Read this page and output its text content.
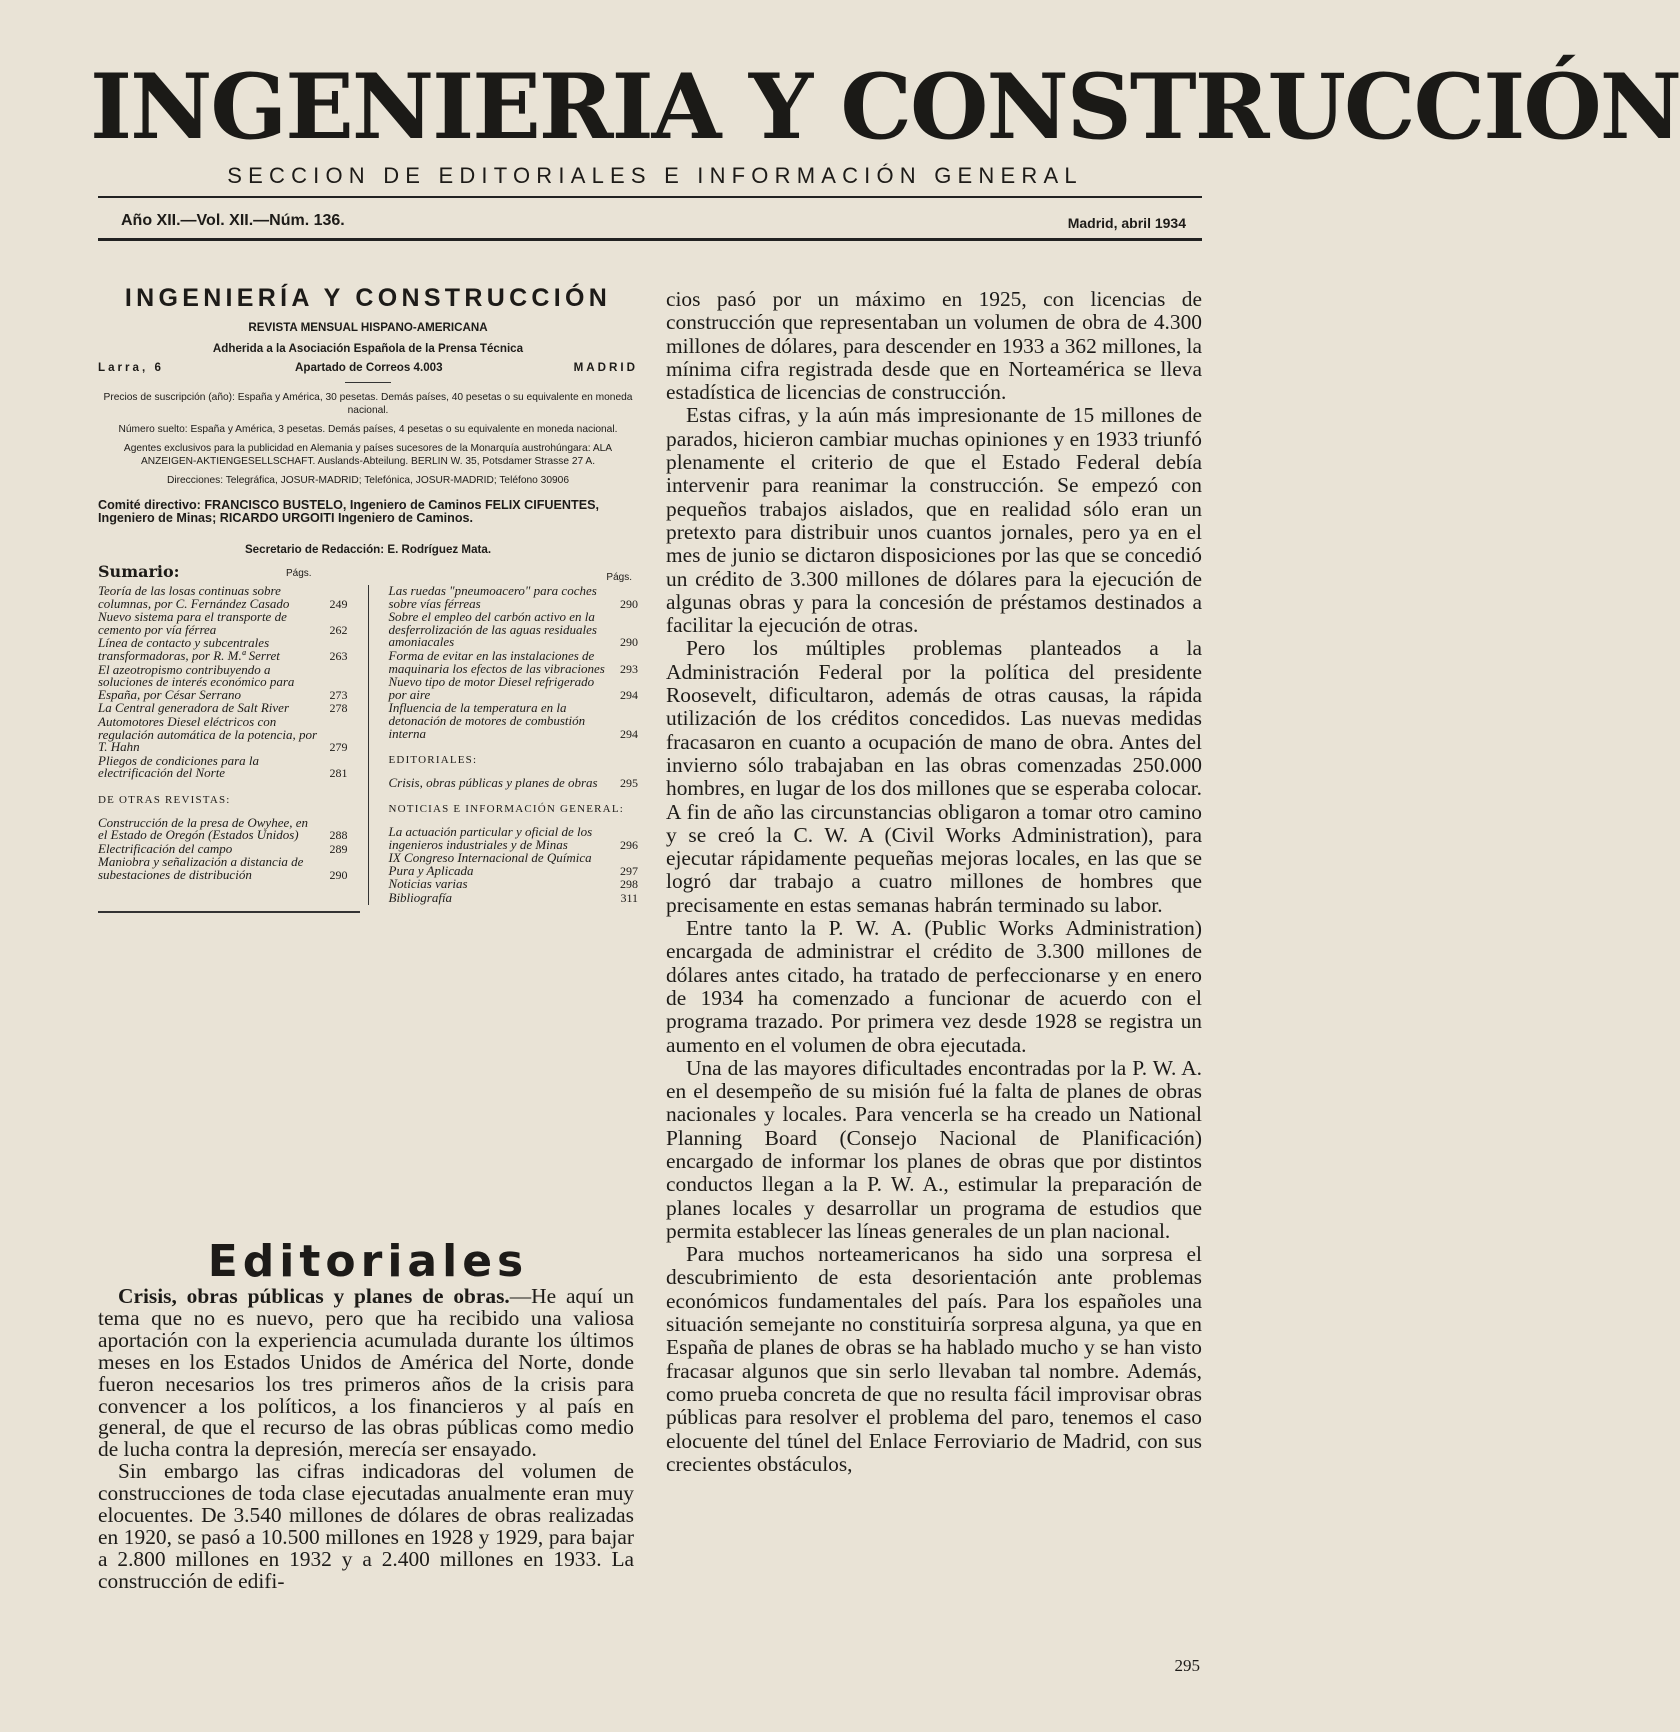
INGENIERIA Y CONSTRUCCIÓN
SECCION DE EDITORIALES E INFORMACIÓN GENERAL
Año XII.—Vol. XII.—Núm. 136.	Madrid, abril 1934
INGENIERÍA Y CONSTRUCCIÓN
REVISTA MENSUAL HISPANO-AMERICANA
Adherida a la Asociación Española de la Prensa Técnica
Larra, 6	Apartado de Correos 4.003	MADRID
Precios de suscripción (año): España y América, 30 pesetas. Demás países, 40 pesetas o su equivalente en moneda nacional.
Número suelto: España y América, 3 pesetas. Demás países, 4 pesetas o su equivalente en moneda nacional.
Agentes exclusivos para la publicidad en Alemania y países sucesores de la Monarquía austrohúngara: ALA ANZEIGEN-AKTIENGESELLSCHAFT. Auslands-Abteilung. BERLIN W. 35, Potsdamer Strasse 27 A.
Direcciones: Telegráfica, JOSUR-MADRID; Telefónica, JOSUR-MADRID; Teléfono 30906
Comité directivo: FRANCISCO BUSTELO, Ingeniero de Caminos FELIX CIFUENTES, Ingeniero de Minas; RICARDO URGOITI Ingeniero de Caminos.
Secretario de Redacción: E. Rodríguez Mata.
Sumario:	Págs.	Págs.
Teoría de las losas continuas sobre columnas, por C. Fernández Casado	249
Nuevo sistema para el transporte de cemento por vía férrea	262
Línea de contacto y subcentrales transformadoras, por R. M.ª Serret	263
El azeotropismo contribuyendo a soluciones de interés económico para España, por César Serrano	273
La Central generadora de Salt River	278
Automotores Diesel eléctricos con regulación automática de la potencia, por T. Hahn	279
Pliegos de condiciones para la electrificación del Norte	281
DE OTRAS REVISTAS:
Construcción de la presa de Owyhee, en el Estado de Oregón (Estados Unidos)	288
Electrificación del campo	289
Maniobra y señalización a distancia de subestaciones de distribución	290
Las ruedas "pneumoacero" para coches sobre vías férreas	290
Sobre el empleo del carbón activo en la desferrolización de las aguas residuales amoniacales	290
Forma de evitar en las instalaciones de maquinaria los efectos de las vibraciones 293
Nuevo tipo de motor Diesel refrigerado por aire	294
Influencia de la temperatura en la detonación de motores de combustión interna	294
EDITORIALES:
Crisis, obras públicas y planes de obras 295
NOTICIAS E INFORMACIÓN GENERAL:
La actuación particular y oficial de los ingenieros industriales y de Minas	296
IX Congreso Internacional de Química Pura y Aplicada	297
Noticias varias	298
Bibliografía	311
Editoriales

Crisis, obras públicas y planes de obras.—He aquí un tema que no es nuevo, pero que ha recibido una valiosa aportación con la experiencia acumulada durante los últimos meses en los Estados Unidos de América del Norte, donde fueron necesarios los tres primeros años de la crisis para convencer a los políticos, a los financieros y al país en general, de que el recurso de las obras públicas como medio de lucha contra la depresión, merecía ser ensayado.

Sin embargo las cifras indicadoras del volumen de construcciones de toda clase ejecutadas anualmente eran muy elocuentes. De 3.540 millones de dólares de obras realizadas en 1920, se pasó a 10.500 millones en 1928 y 1929, para bajar a 2.800 millones en 1932 y a 2.400 millones en 1933. La construcción de edifi-

cios pasó por un máximo en 1925, con licencias de construcción que representaban un volumen de obra de 4.300 millones de dólares, para descender en 1933 a 362 millones, la mínima cifra registrada desde que en Norteamérica se lleva estadística de licencias de construcción.

Estas cifras, y la aún más impresionante de 15 millones de parados, hicieron cambiar muchas opiniones y en 1933 triunfó plenamente el criterio de que el Estado Federal debía intervenir para reanimar la construcción. Se empezó con pequeños trabajos aislados, que en realidad sólo eran un pretexto para distribuir unos cuantos jornales, pero ya en el mes de junio se dictaron disposiciones por las que se concedió un crédito de 3.300 millones de dólares para la ejecución de algunas obras y para la concesión de préstamos destinados a facilitar la ejecución de otras.

Pero los múltiples problemas planteados a la Administración Federal por la política del presidente Roosevelt, dificultaron, además de otras causas, la rápida utilización de los créditos concedidos. Las nuevas medidas fracasaron en cuanto a ocupación de mano de obra. Antes del invierno sólo trabajaban en las obras comenzadas 250.000 hombres, en lugar de los dos millones que se esperaba colocar. A fin de año las circunstancias obligaron a tomar otro camino y se creó la C. W. A (Civil Works Administration), para ejecutar rápidamente pequeñas mejoras locales, en las que se logró dar trabajo a cuatro millones de hombres que precisamente en estas semanas habrán terminado su labor.

Entre tanto la P. W. A. (Public Works Administration) encargada de administrar el crédito de 3.300 millones de dólares antes citado, ha tratado de perfeccionarse y en enero de 1934 ha comenzado a funcionar de acuerdo con el programa trazado. Por primera vez desde 1928 se registra un aumento en el volumen de obra ejecutada.

Una de las mayores dificultades encontradas por la P. W. A. en el desempeño de su misión fué la falta de planes de obras nacionales y locales. Para vencerla se ha creado un National Planning Board (Consejo Nacional de Planificación) encargado de informar los planes de obras que por distintos conductos llegan a la P. W. A., estimular la preparación de planes locales y desarrollar un programa de estudios que permita establecer las líneas generales de un plan nacional.

Para muchos norteamericanos ha sido una sorpresa el descubrimiento de esta desorientación ante problemas económicos fundamentales del país. Para los españoles una situación semejante no constituiría sorpresa alguna, ya que en España de planes de obras se ha hablado mucho y se han visto fracasar algunos que sin serlo llevaban tal nombre. Además, como prueba concreta de que no resulta fácil improvisar obras públicas para resolver el problema del paro, tenemos el caso elocuente del túnel del Enlace Ferroviario de Madrid, con sus crecientes obstáculos,

295
